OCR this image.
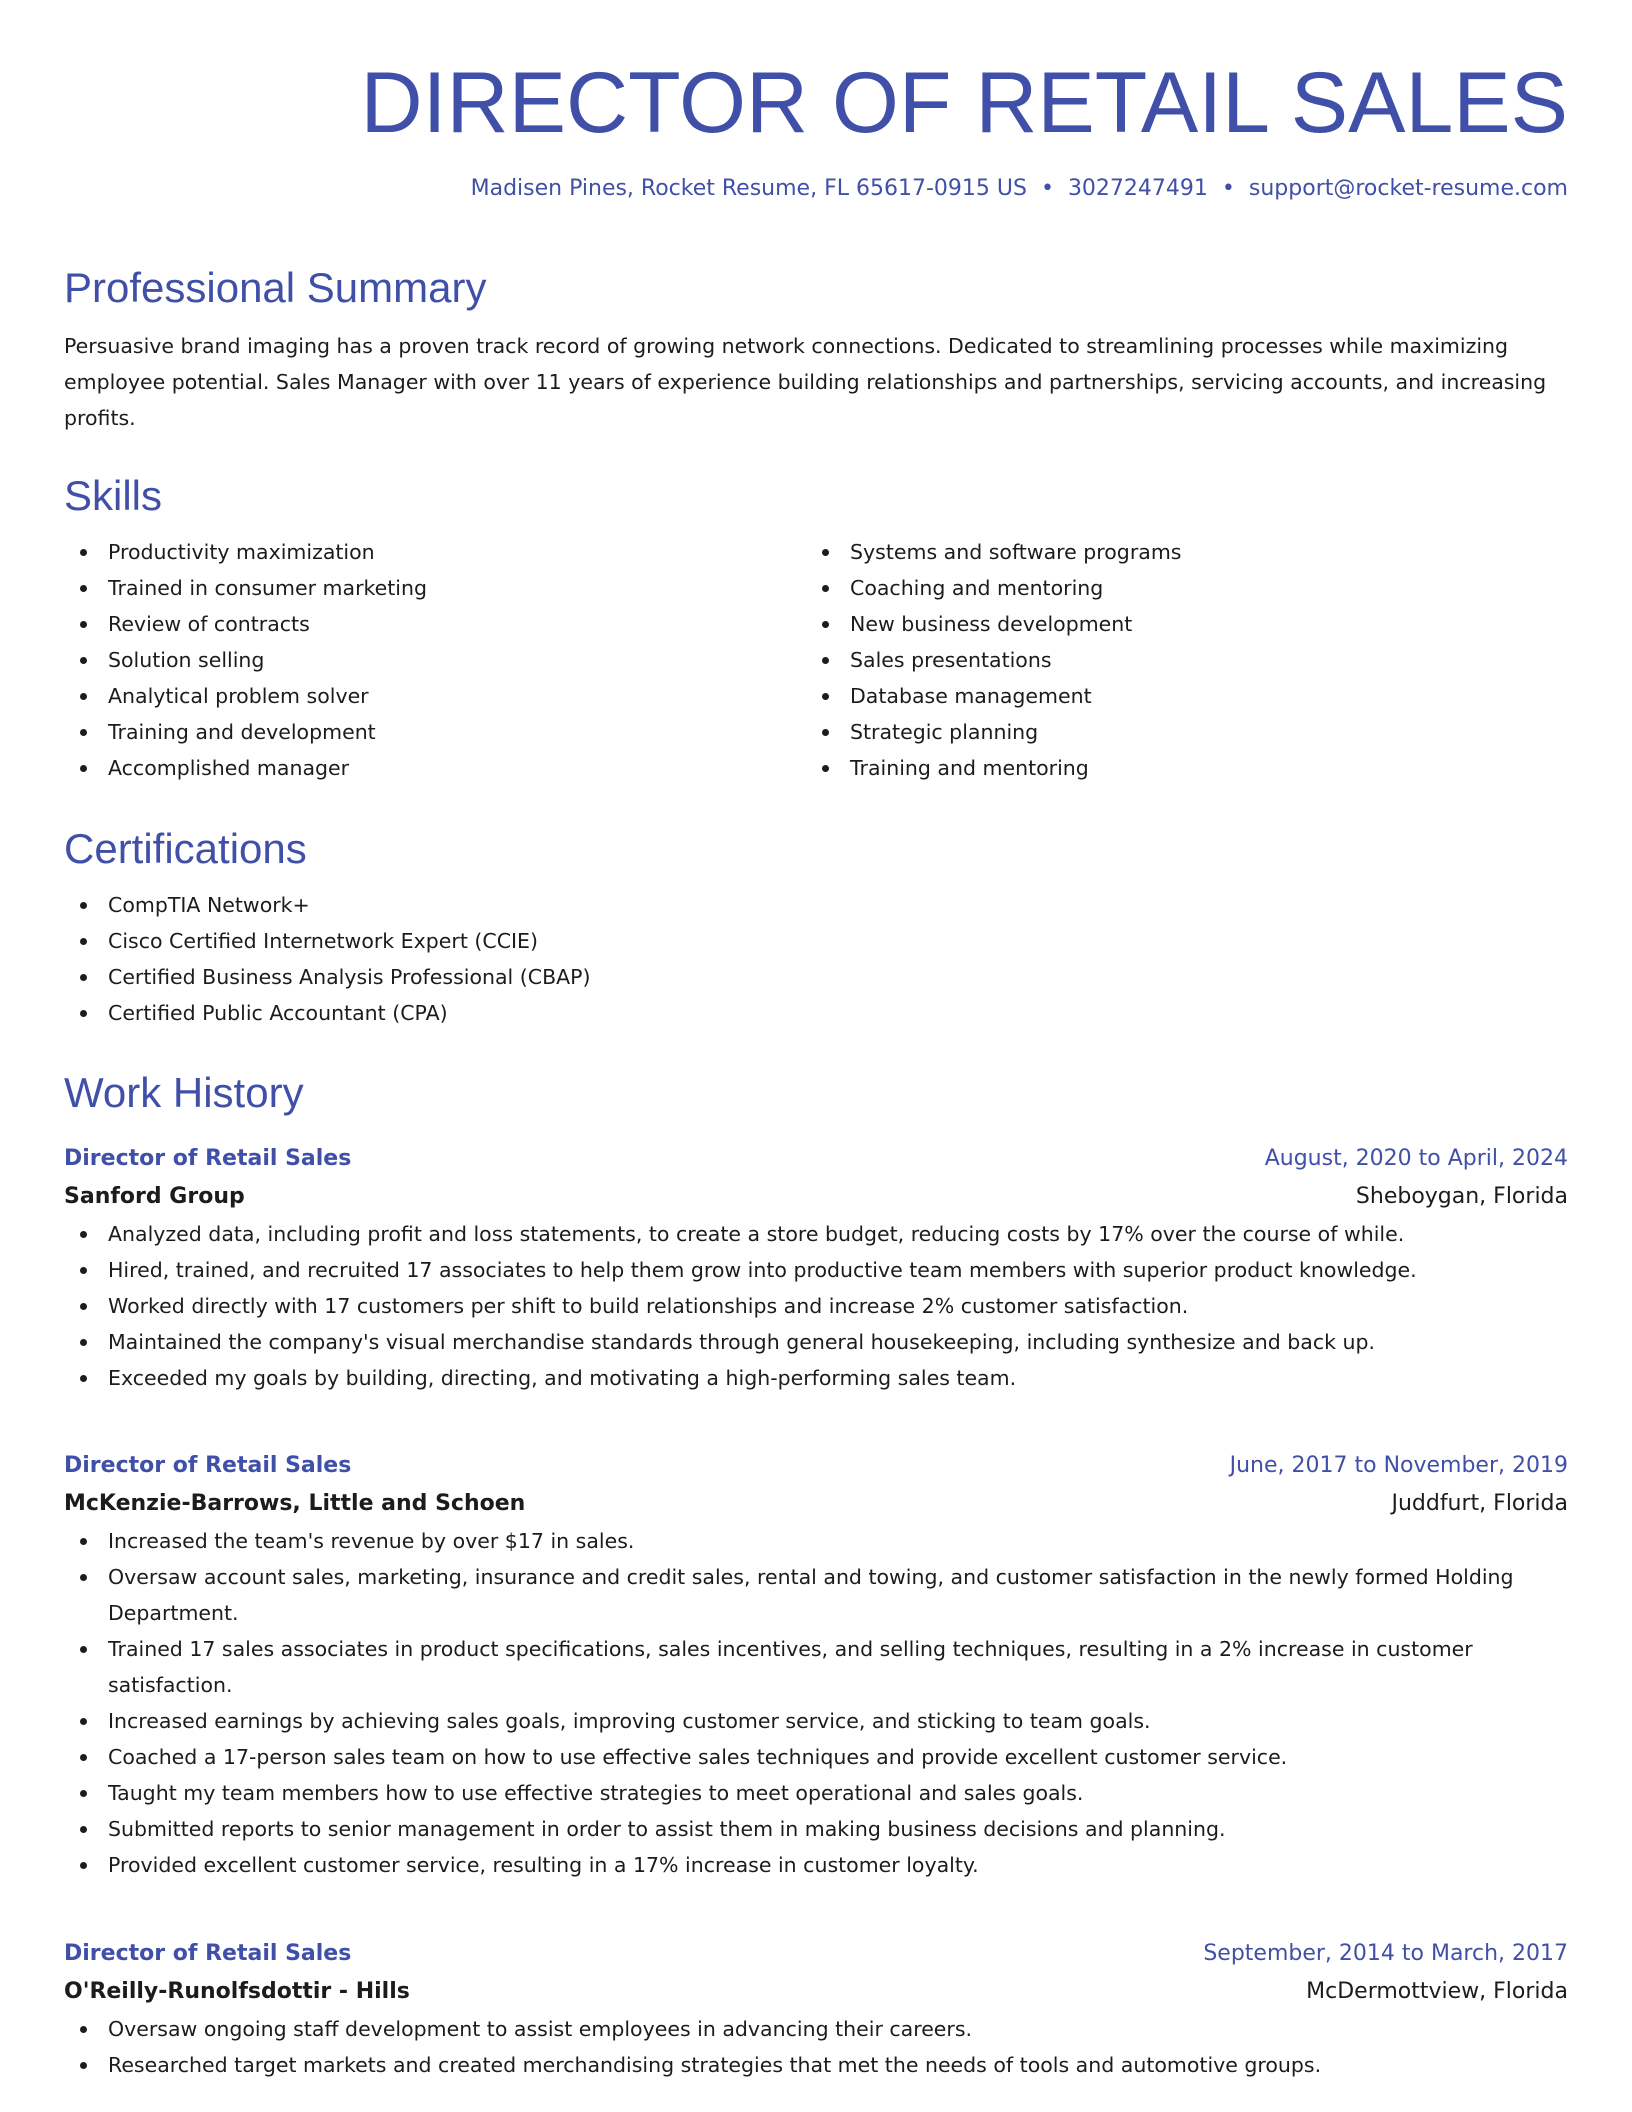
DIRECTOR OF RETAIL SALES
Madisen Pines, Rocket Resume, FL 65617-0915 US • 3027247491 • support@rocket-resume.com
Professional Summary

Persuasive brand imaging has a proven track record of growing network connections. Dedicated to streamlining processes while maximizing employee potential. Sales Manager with over 11 years of experience building relationships and partnerships, servicing accounts, and increasing profits.

Skills
Productivity maximization
Trained in consumer marketing
Review of contracts
Solution selling
Analytical problem solver
Training and development
Accomplished manager
Systems and software programs
Coaching and mentoring
New business development
Sales presentations
Database management
Strategic planning
Training and mentoring
Certifications
CompTIA Network+
Cisco Certified Internetwork Expert (CCIE)
Certified Business Analysis Professional (CBAP)
Certified Public Accountant (CPA)
Work History
Director of Retail Sales	August, 2020 to April, 2024
Sanford Group	Sheboygan, Florida
Analyzed data, including profit and loss statements, to create a store budget, reducing costs by 17% over the course of while.
Hired, trained, and recruited 17 associates to help them grow into productive team members with superior product knowledge.
Worked directly with 17 customers per shift to build relationships and increase 2% customer satisfaction.
Maintained the company's visual merchandise standards through general housekeeping, including synthesize and back up.
Exceeded my goals by building, directing, and motivating a high-performing sales team.
Director of Retail Sales	June, 2017 to November, 2019
McKenzie-Barrows, Little and Schoen	Juddfurt, Florida
Increased the team's revenue by over $17 in sales.
Oversaw account sales, marketing, insurance and credit sales, rental and towing, and customer satisfaction in the newly formed Holding Department.
Trained 17 sales associates in product specifications, sales incentives, and selling techniques, resulting in a 2% increase in customer satisfaction.
Increased earnings by achieving sales goals, improving customer service, and sticking to team goals.
Coached a 17-person sales team on how to use effective sales techniques and provide excellent customer service.
Taught my team members how to use effective strategies to meet operational and sales goals.
Submitted reports to senior management in order to assist them in making business decisions and planning.
Provided excellent customer service, resulting in a 17% increase in customer loyalty.
Director of Retail Sales	September, 2014 to March, 2017
O'Reilly-Runolfsdottir - Hills	McDermottview, Florida
Oversaw ongoing staff development to assist employees in advancing their careers.
Researched target markets and created merchandising strategies that met the needs of tools and automotive groups.
